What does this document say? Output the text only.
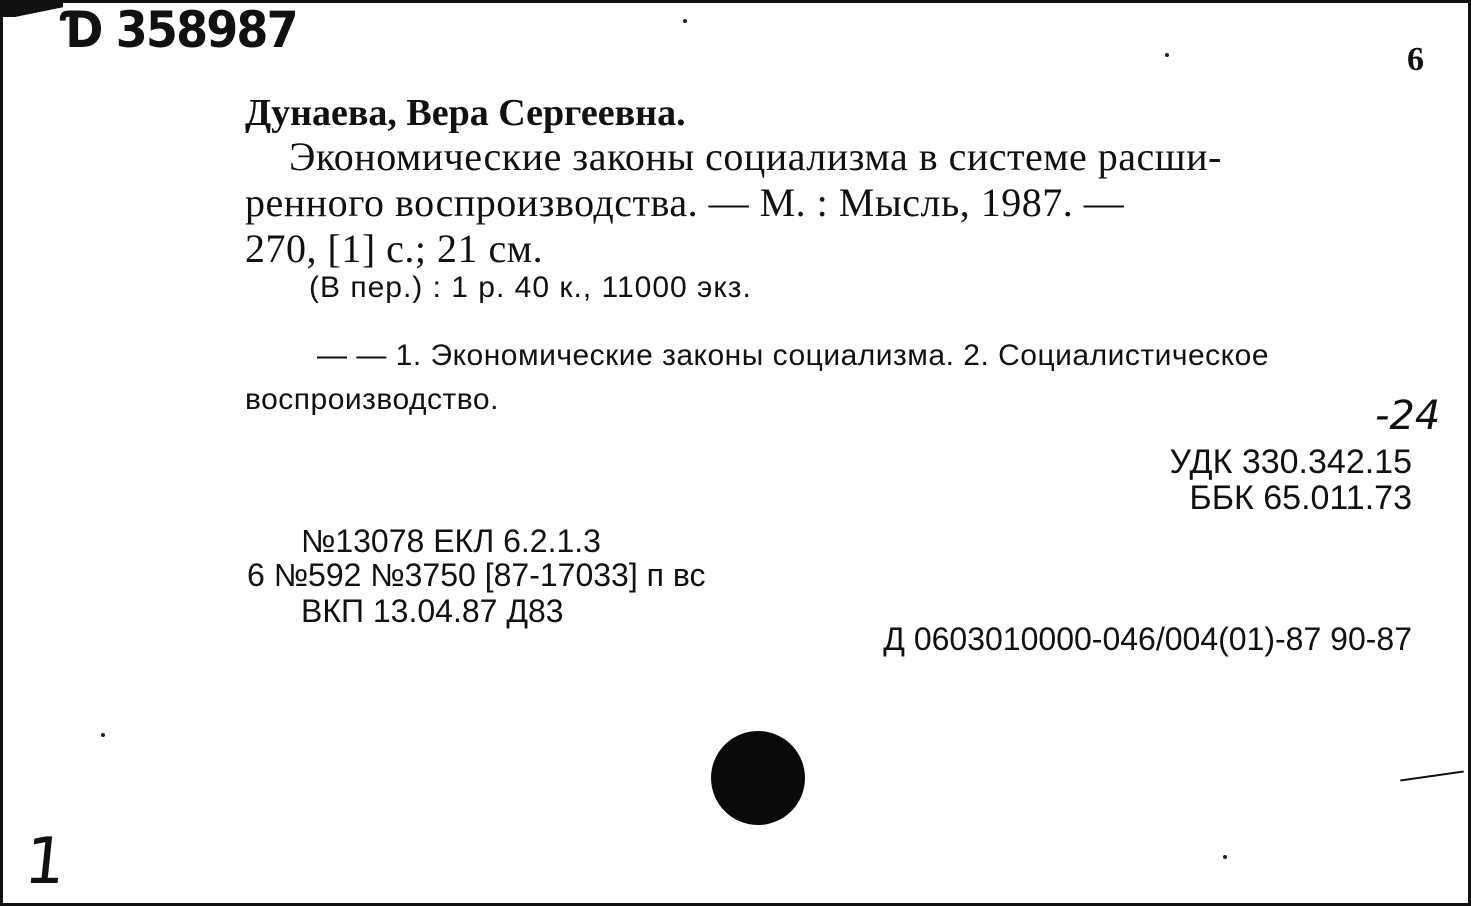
Ɗ 358987
6
Дунаева, Вера Сергеевна.
Экономические законы социализма в системе расши-
ренного воспроизводства. — М. : Мысль, 1987. —
270, [1] с.; 21 см.
(В пер.) : 1 р. 40 к., 11000 экз.
— — 1. Экономические законы социализма. 2. Социалистическое
воспроизводство.	-24
УДК 330.342.15
ББК 65.011.73
№13078 ЕКЛ 6.2.1.3
6 №592 №3750 [87-17033] п вс
ВКП 13.04.87 Д83
Д 0603010000-046/004(01)-87 90-87
1
